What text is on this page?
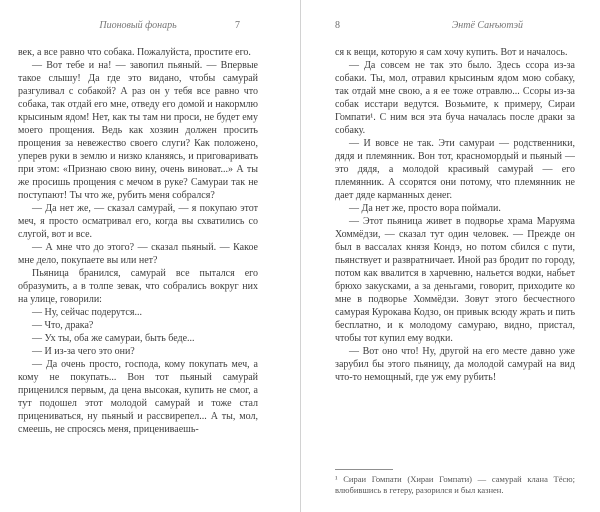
Пионовый фонарь	7

век, а все равно что собака. Пожалуйста, простите его.

— Вот тебе и на! — завопил пьяный. — Впервые такое слышу! Да где это видано, чтобы самурай разгуливал с собакой? А раз он у тебя все равно что собака, так отдай его мне, отведу его домой и накормлю крысиным ядом! Нет, как ты там ни проси, не будет ему моего прощения. Ведь как хозяин должен просить прощения за невежество своего слуги? Как положено, уперев руки в землю и низко кланяясь, и приговаривать при этом: «Признаю свою вину, очень виноват...» А ты же просишь прощения с мечом в руке? Самураи так не поступают! Ты что же, рубить меня собрался?

— Да нет же, — сказал самурай, — я покупаю этот меч, я просто осматривал его, когда вы схватились со слугой, вот и все.

— А мне что до этого? — сказал пьяный. — Какое мне дело, покупаете вы или нет?

Пьяница бранился, самурай все пытался его образумить, а в толпе зевак, что собрались вокруг них на улице, говорили:

— Ну, сейчас подерутся...

— Что, драка?

— Ух ты, оба же самураи, быть беде...

— И из-за чего это они?

— Да очень просто, господа, кому покупать меч, а кому не покупать... Вон тот пьяный самурай приценился первым, да цена высокая, купить не смог, а тут подошел этот молодой самурай и тоже стал прицениваться, ну пьяный и рассвирепел... А ты, мол, смеешь, не спросясь меня, прицениваешь-

8	Энтё Санъютэй

ся к вещи, которую я сам хочу купить. Вот и началось.

— Да совсем не так это было. Здесь ссора из-за собаки. Ты, мол, отравил крысиным ядом мою собаку, так отдай мне свою, а я ее тоже отравлю... Ссоры из-за собак исстари ведутся. Возьмите, к примеру, Сираи Гомпати¹. С ним вся эта буча началась после драки за собаку.

— И вовсе не так. Эти самураи — родственники, дядя и племянник. Вон тот, красномордый и пьяный — это дядя, а молодой красивый самурай — его племянник. А ссорятся они потому, что племянник не дает дяде карманных денег.

— Да нет же, просто вора поймали.

— Этот пьяница живет в подворье храма Маруяма Хоммёдзи, — сказал тут один человек. — Прежде он был в вассалах князя Кондэ, но потом сбился с пути, пьянствует и развратничает. Иной раз бродит по городу, потом как ввалится в харчевню, нальется водки, набьет брюхо закусками, а за деньгами, говорит, приходите ко мне в подворье Хоммёдзи. Зовут этого бесчестного самурая Курокава Кодзо, он привык всюду жрать и пить бесплатно, и к молодому самураю, видно, пристал, чтобы тот купил ему водки.

— Вот оно что! Ну, другой на его месте давно уже зарубил бы этого пьяницу, да молодой самурай на вид что-то немощный, где уж ему рубить!

¹ Сираи Гомпати (Хираи Гомпати) — самурай клана Тёсю; влюбившись в гетеру, разорился и был казнен.
